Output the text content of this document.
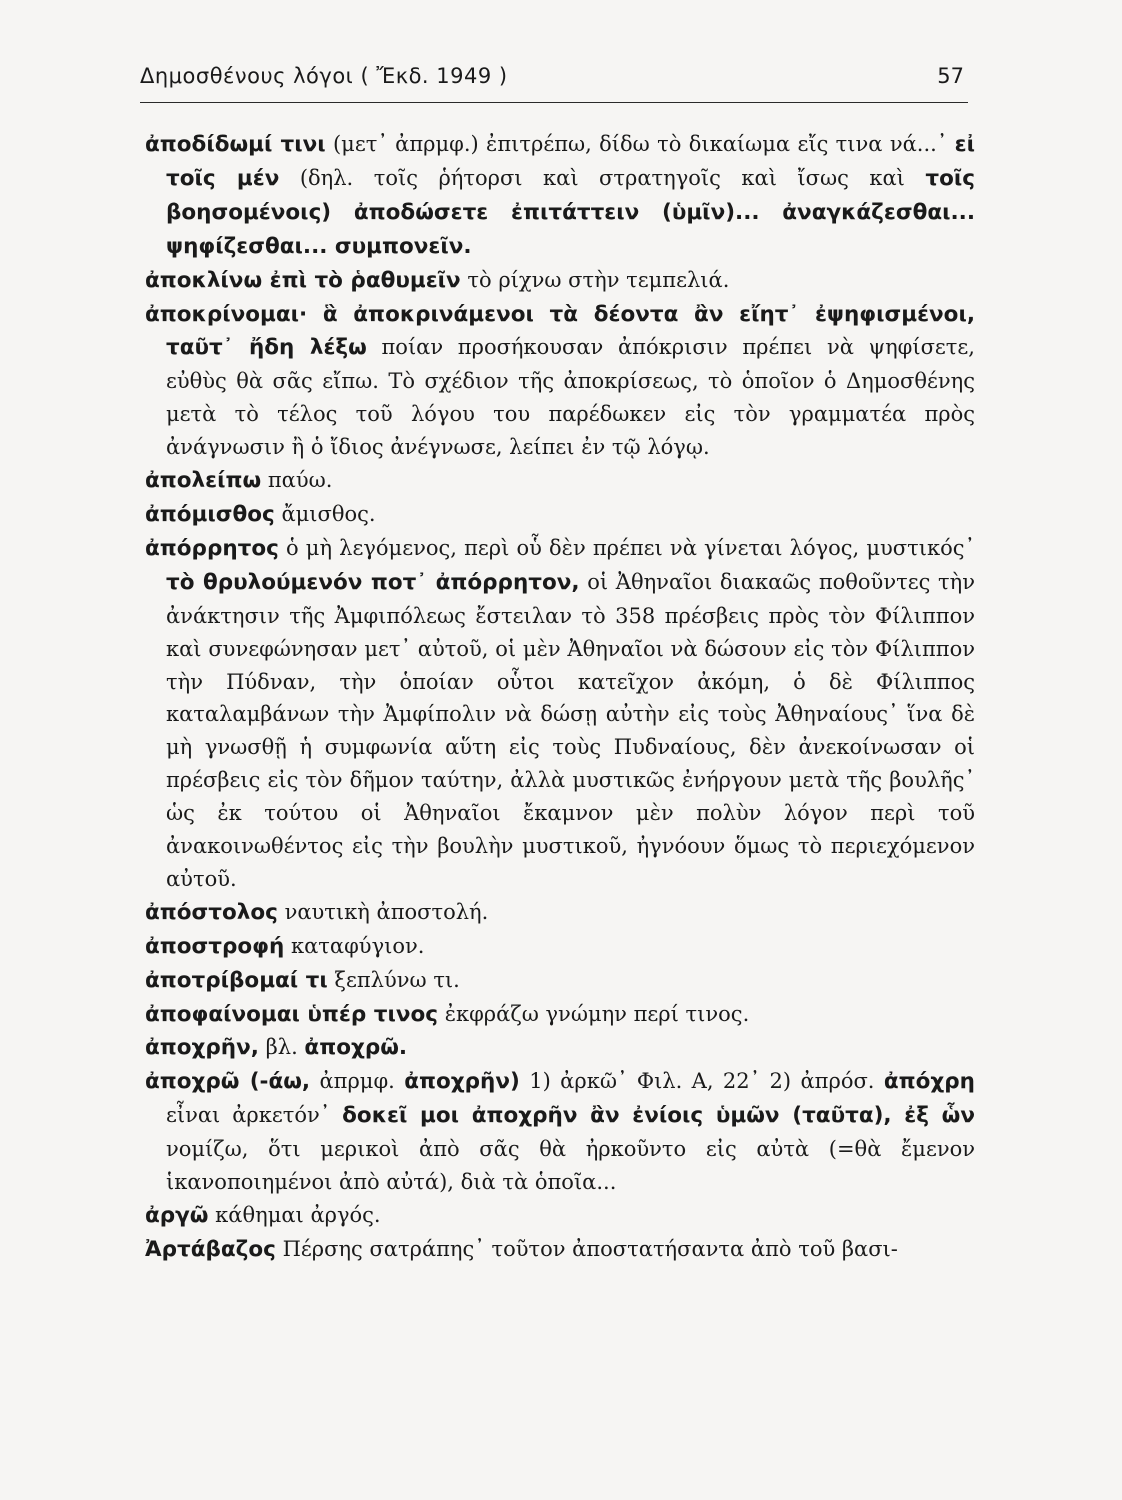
Δημοσθένους λόγοι ( Ἔκδ. 1949 )	57

ἀποδίδωμί τινι (μετ᾿ ἀπρμφ.) ἐπιτρέπω, δίδω τὸ δικαίωμα εἴς τινα νά...᾿ εἰ τοῖς μέν (δηλ. τοῖς ῥήτορσι καὶ στρατηγοῖς καὶ ἴσως καὶ τοῖς βοησομένοις) ἀποδώσετε ἐπιτάττειν (ὑμῖν)... ἀναγκάζεσθαι... ψηφίζεσθαι... συμπονεῖν.

ἀποκλίνω ἐπὶ τὸ ῥαθυμεῖν τὸ ρίχνω στὴν τεμπελιά.

ἀποκρίνομαι· ἃ ἀποκρινάμενοι τὰ δέοντα ἂν εἴητ᾿ ἐψηφισμένοι, ταῦτ᾿ ἤδη λέξω ποίαν προσήκουσαν ἀπόκρισιν πρέπει νὰ ψηφίσετε, εὐθὺς θὰ σᾶς εἴπω. Τὸ σχέδιον τῆς ἀποκρίσεως, τὸ ὁποῖον ὁ Δημοσθένης μετὰ τὸ τέλος τοῦ λόγου του παρέδωκεν εἰς τὸν γραμματέα πρὸς ἀνάγνωσιν ἢ ὁ ἴδιος ἀνέγνωσε, λείπει ἐν τῷ λόγῳ.

ἀπολείπω παύω.

ἀπόμισθος ἄμισθος.

ἀπόρρητος ὁ μὴ λεγόμενος, περὶ οὗ δὲν πρέπει νὰ γίνεται λόγος, μυστικός᾿ τὸ θρυλούμενόν ποτ᾿ ἀπόρρητον, οἱ Ἀθηναῖοι διακαῶς ποθοῦντες τὴν ἀνάκτησιν τῆς Ἀμφιπόλεως ἔστειλαν τὸ 358 πρέσβεις πρὸς τὸν Φίλιππον καὶ συνεφώνησαν μετ᾿ αὐτοῦ, οἱ μὲν Ἀθηναῖοι νὰ δώσουν εἰς τὸν Φίλιππον τὴν Πύδναν, τὴν ὁποίαν οὗτοι κατεῖχον ἀκόμη, ὁ δὲ Φίλιππος καταλαμβάνων τὴν Ἀμφίπολιν νὰ δώσῃ αὐτὴν εἰς τοὺς Ἀθηναίους᾿ ἵνα δὲ μὴ γνωσθῇ ἡ συμφωνία αὕτη εἰς τοὺς Πυδναίους, δὲν ἀνεκοίνωσαν οἱ πρέσβεις εἰς τὸν δῆμον ταύτην, ἀλλὰ μυστικῶς ἐνήργουν μετὰ τῆς βουλῆς᾿ ὡς ἐκ τούτου οἱ Ἀθηναῖοι ἔκαμνον μὲν πολὺν λόγον περὶ τοῦ ἀνακοινωθέντος εἰς τὴν βουλὴν μυστικοῦ, ἠγνόουν ὅμως τὸ περιεχόμενον αὐτοῦ.

ἀπόστολος ναυτικὴ ἀποστολή.

ἀποστροφή καταφύγιον.

ἀποτρίβομαί τι ξεπλύνω τι.

ἀποφαίνομαι ὑπέρ τινος ἐκφράζω γνώμην περί τινος.

ἀποχρῆν, βλ. ἀποχρῶ.

ἀποχρῶ (-άω, ἀπρμφ. ἀποχρῆν) 1) ἀρκῶ᾿ Φιλ. Α, 22᾿ 2) ἀπρόσ. ἀπόχρη εἶναι ἀρκετόν᾿ δοκεῖ μοι ἀποχρῆν ἂν ἐνίοις ὑμῶν (ταῦτα), ἐξ ὧν νομίζω, ὅτι μερικοὶ ἀπὸ σᾶς θὰ ἠρκοῦντο εἰς αὐτὰ (=θὰ ἔμενον ἱκανοποιημένοι ἀπὸ αὐτά), διὰ τὰ ὁποῖα...

ἀργῶ κάθημαι ἀργός.

Ἀρτάβαζος Πέρσης σατράπης᾿ τοῦτον ἀποστατήσαντα ἀπὸ τοῦ βασι-
